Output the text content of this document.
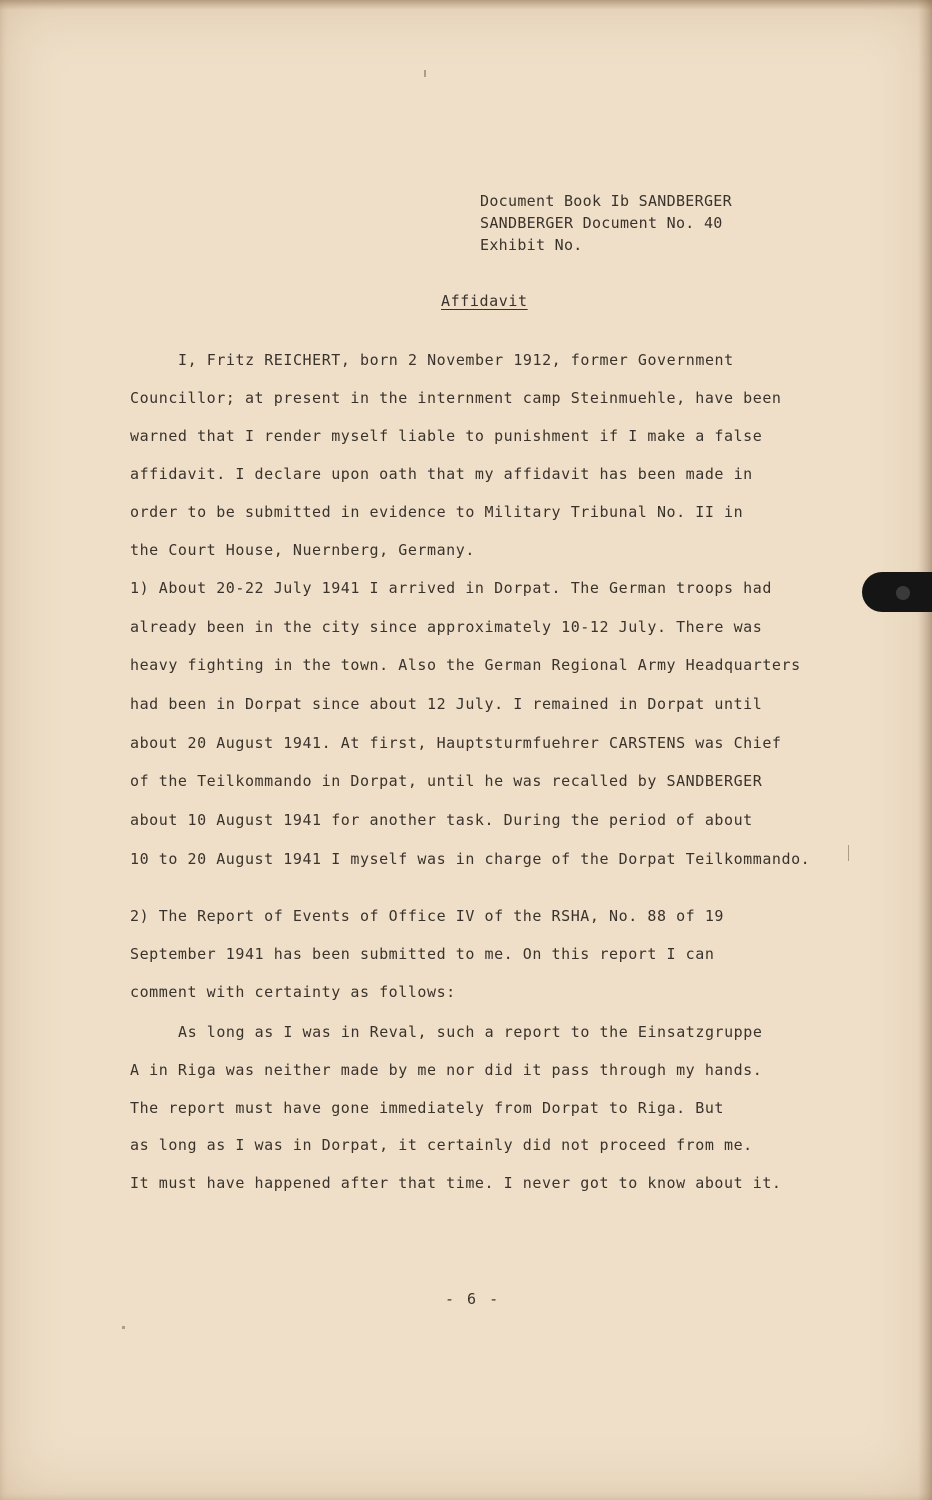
Document Book Ib SANDBERGER
SANDBERGER Document No. 40
Exhibit No.
Affidavit
I, Fritz REICHERT, born 2 November 1912, former Government
Councillor; at present in the internment camp Steinmuehle, have been
warned that I render myself liable to punishment if I make a false
affidavit. I declare upon oath that my affidavit has been made in
order to be submitted in evidence to Military Tribunal No. II in
the Court House, Nuernberg, Germany.
1) About 20-22 July 1941 I arrived in Dorpat. The German troops had
already been in the city since approximately 10-12 July. There was
heavy fighting in the town. Also the German Regional Army Headquarters
had been in Dorpat since about 12 July. I remained in Dorpat until
about 20 August 1941. At first, Hauptsturmfuehrer CARSTENS was Chief
of the Teilkommando in Dorpat, until he was recalled by SANDBERGER
about 10 August 1941 for another task. During the period of about
10 to 20 August 1941 I myself was in charge of the Dorpat Teilkommando.
2) The Report of Events of Office IV of the RSHA, No. 88 of 19
September 1941 has been submitted to me. On this report I can
comment with certainty as follows:
As long as I was in Reval, such a report to the Einsatzgruppe
A in Riga was neither made by me nor did it pass through my hands.
The report must have gone immediately from Dorpat to Riga. But
as long as I was in Dorpat, it certainly did not proceed from me.
It must have happened after that time. I never got to know about it.
- 6 -
